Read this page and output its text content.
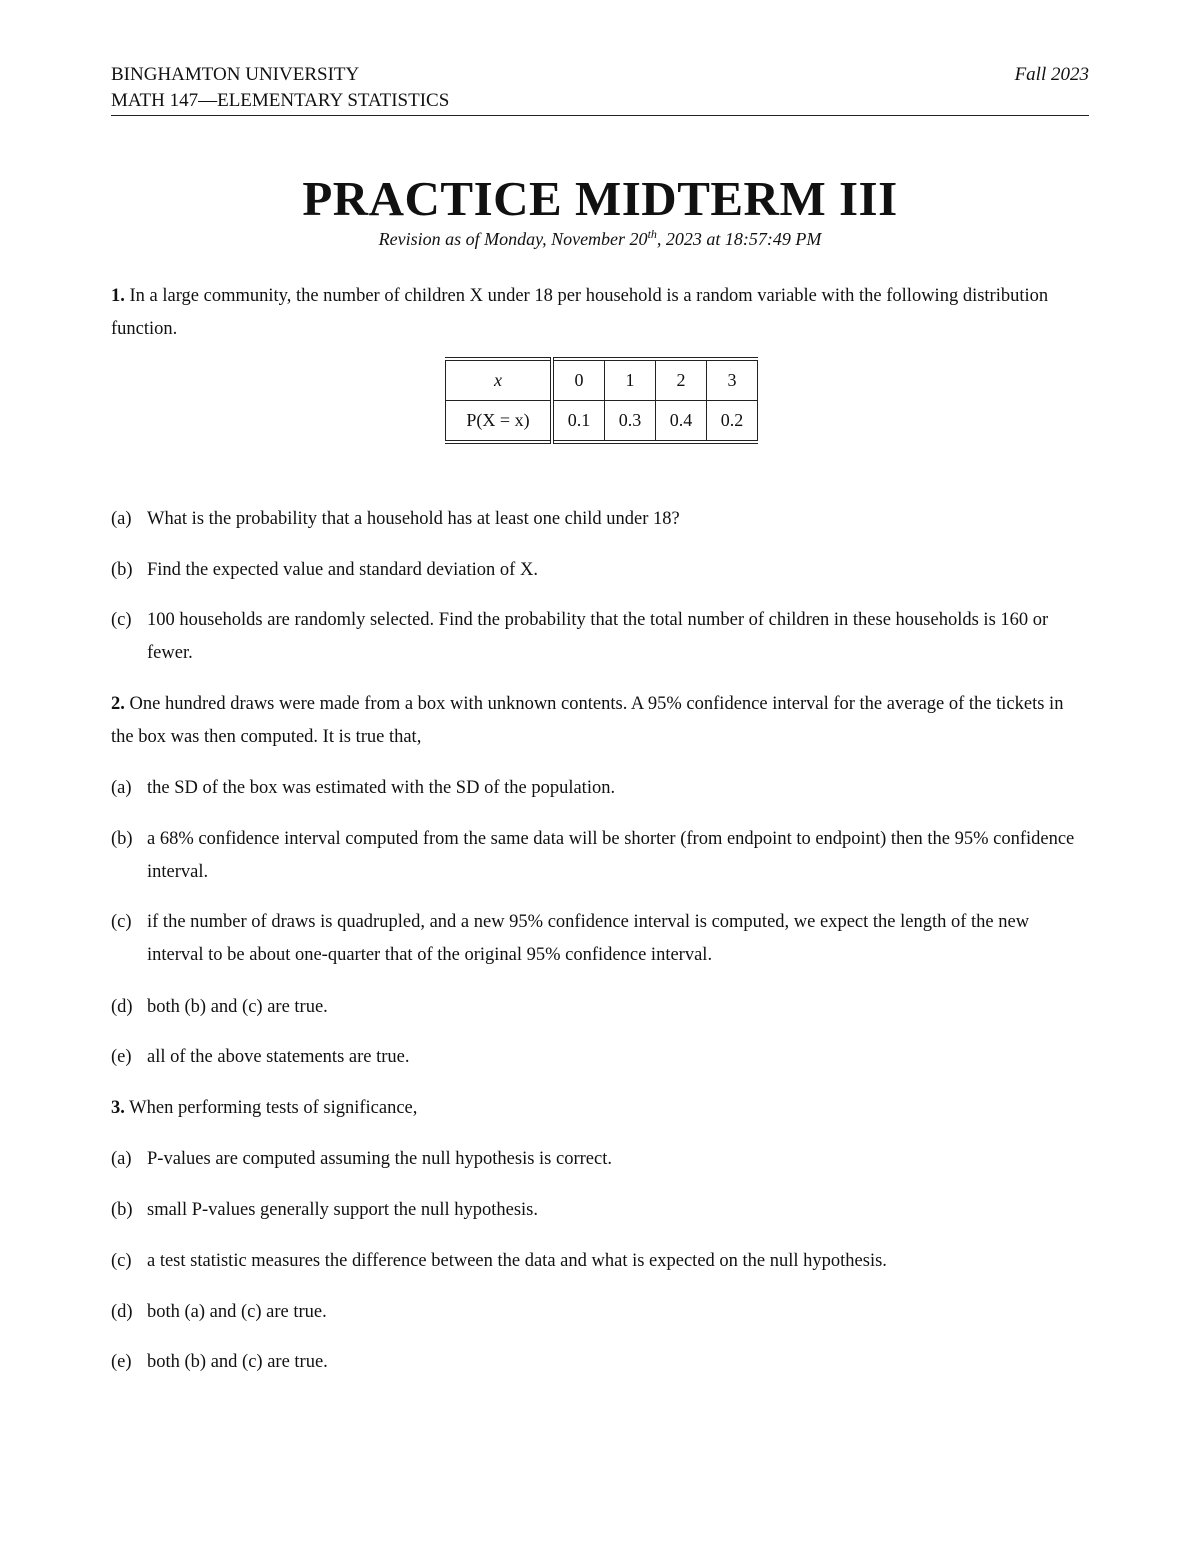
BINGHAMTON UNIVERSITY
MATH 147—ELEMENTARY STATISTICS
Fall 2023
PRACTICE MIDTERM III
Revision as of Monday, November 20th, 2023 at 18:57:49 PM
1. In a large community, the number of children X under 18 per household is a random variable with the following distribution function.
x	0	1	2	3
P(X = x)	0.1	0.3	0.4	0.2
(a) What is the probability that a household has at least one child under 18?
(b) Find the expected value and standard deviation of X.
(c) 100 households are randomly selected. Find the probability that the total number of children in these households is 160 or fewer.
2. One hundred draws were made from a box with unknown contents. A 95% confidence interval for the average of the tickets in the box was then computed. It is true that,
(a) the SD of the box was estimated with the SD of the population.
(b) a 68% confidence interval computed from the same data will be shorter (from endpoint to endpoint) then the 95% confidence interval.
(c) if the number of draws is quadrupled, and a new 95% confidence interval is computed, we expect the length of the new interval to be about one-quarter that of the original 95% confidence interval.
(d) both (b) and (c) are true.
(e) all of the above statements are true.
3. When performing tests of significance,
(a) P-values are computed assuming the null hypothesis is correct.
(b) small P-values generally support the null hypothesis.
(c) a test statistic measures the difference between the data and what is expected on the null hypothesis.
(d) both (a) and (c) are true.
(e) both (b) and (c) are true.
